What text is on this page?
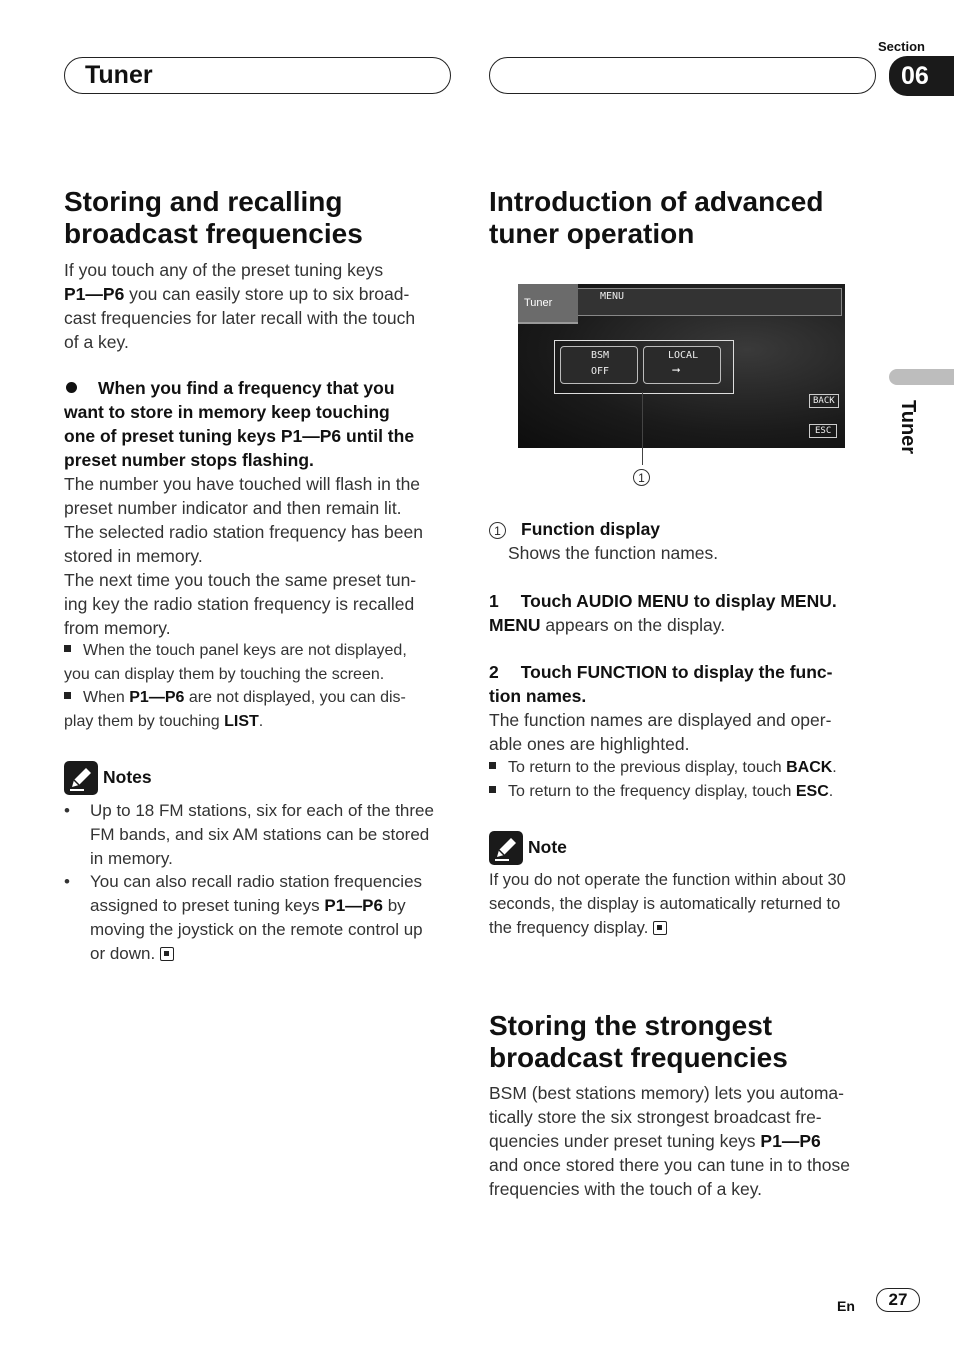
Tuner
Section
06
Tuner
Storing and recalling
broadcast frequencies
If you touch any of the preset tuning keys
P1—P6 you can easily store up to six broad-
cast frequencies for later recall with the touch
of a key.
When you find a frequency that you
want to store in memory keep touching
one of preset tuning keys P1—P6 until the
preset number stops flashing.
The number you have touched will flash in the
preset number indicator and then remain lit.
The selected radio station frequency has been
stored in memory.
The next time you touch the same preset tun-
ing key the radio station frequency is recalled
from memory.
When the touch panel keys are not displayed,
you can display them by touching the screen.
When P1—P6 are not displayed, you can dis-
play them by touching LIST.
Notes
• Up to 18 FM stations, six for each of the three
FM bands, and six AM stations can be stored
in memory.
• You can also recall radio station frequencies
assigned to preset tuning keys P1—P6 by
moving the joystick on the remote control up
or down.
Introduction of advanced
tuner operation
Tuner
MENU
BSM
OFF
LOCAL
➞
BACK
ESC
1
1 Function display
Shows the function names.
1 Touch AUDIO MENU to display MENU.
MENU appears on the display.
2 Touch FUNCTION to display the func-
tion names.
The function names are displayed and oper-
able ones are highlighted.
To return to the previous display, touch BACK.
To return to the frequency display, touch ESC.
Note
If you do not operate the function within about 30
seconds, the display is automatically returned to
the frequency display.
Storing the strongest
broadcast frequencies
BSM (best stations memory) lets you automa-
tically store the six strongest broadcast fre-
quencies under preset tuning keys P1—P6
and once stored there you can tune in to those
frequencies with the touch of a key.
En	27
